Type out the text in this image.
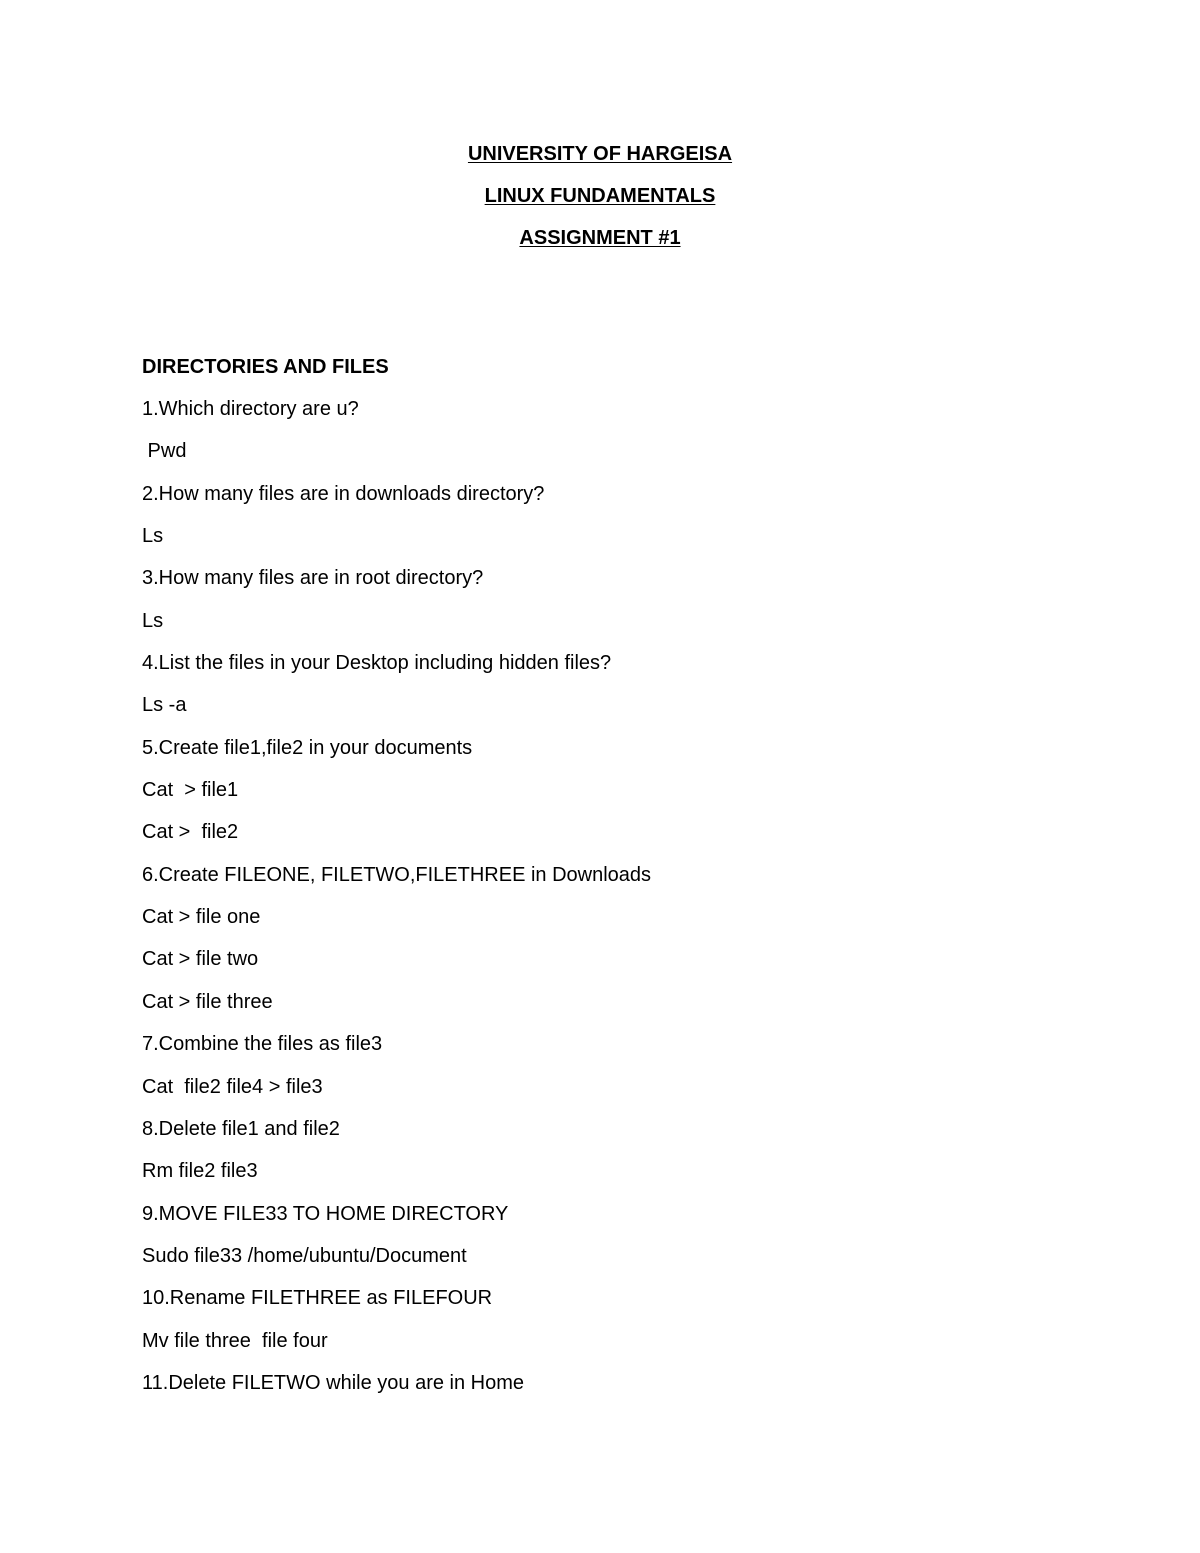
UNIVERSITY OF HARGEISA
LINUX FUNDAMENTALS
ASSIGNMENT #1
DIRECTORIES AND FILES
1.Which directory are u?
Pwd
2.How many files are in downloads directory?
Ls
3.How many files are in root directory?
Ls
4.List the files in your Desktop including hidden files?
Ls -a
5.Create file1,file2 in your documents
Cat  > file1
Cat >  file2
6.Create FILEONE, FILETWO,FILETHREE in Downloads
Cat > file one
Cat > file two
Cat > file three
7.Combine the files as file3
Cat  file2 file4 > file3
8.Delete file1 and file2
Rm file2 file3
9.MOVE FILE33 TO HOME DIRECTORY
Sudo file33 /home/ubuntu/Document
10.Rename FILETHREE as FILEFOUR
Mv file three  file four
11.Delete FILETWO while you are in Home
